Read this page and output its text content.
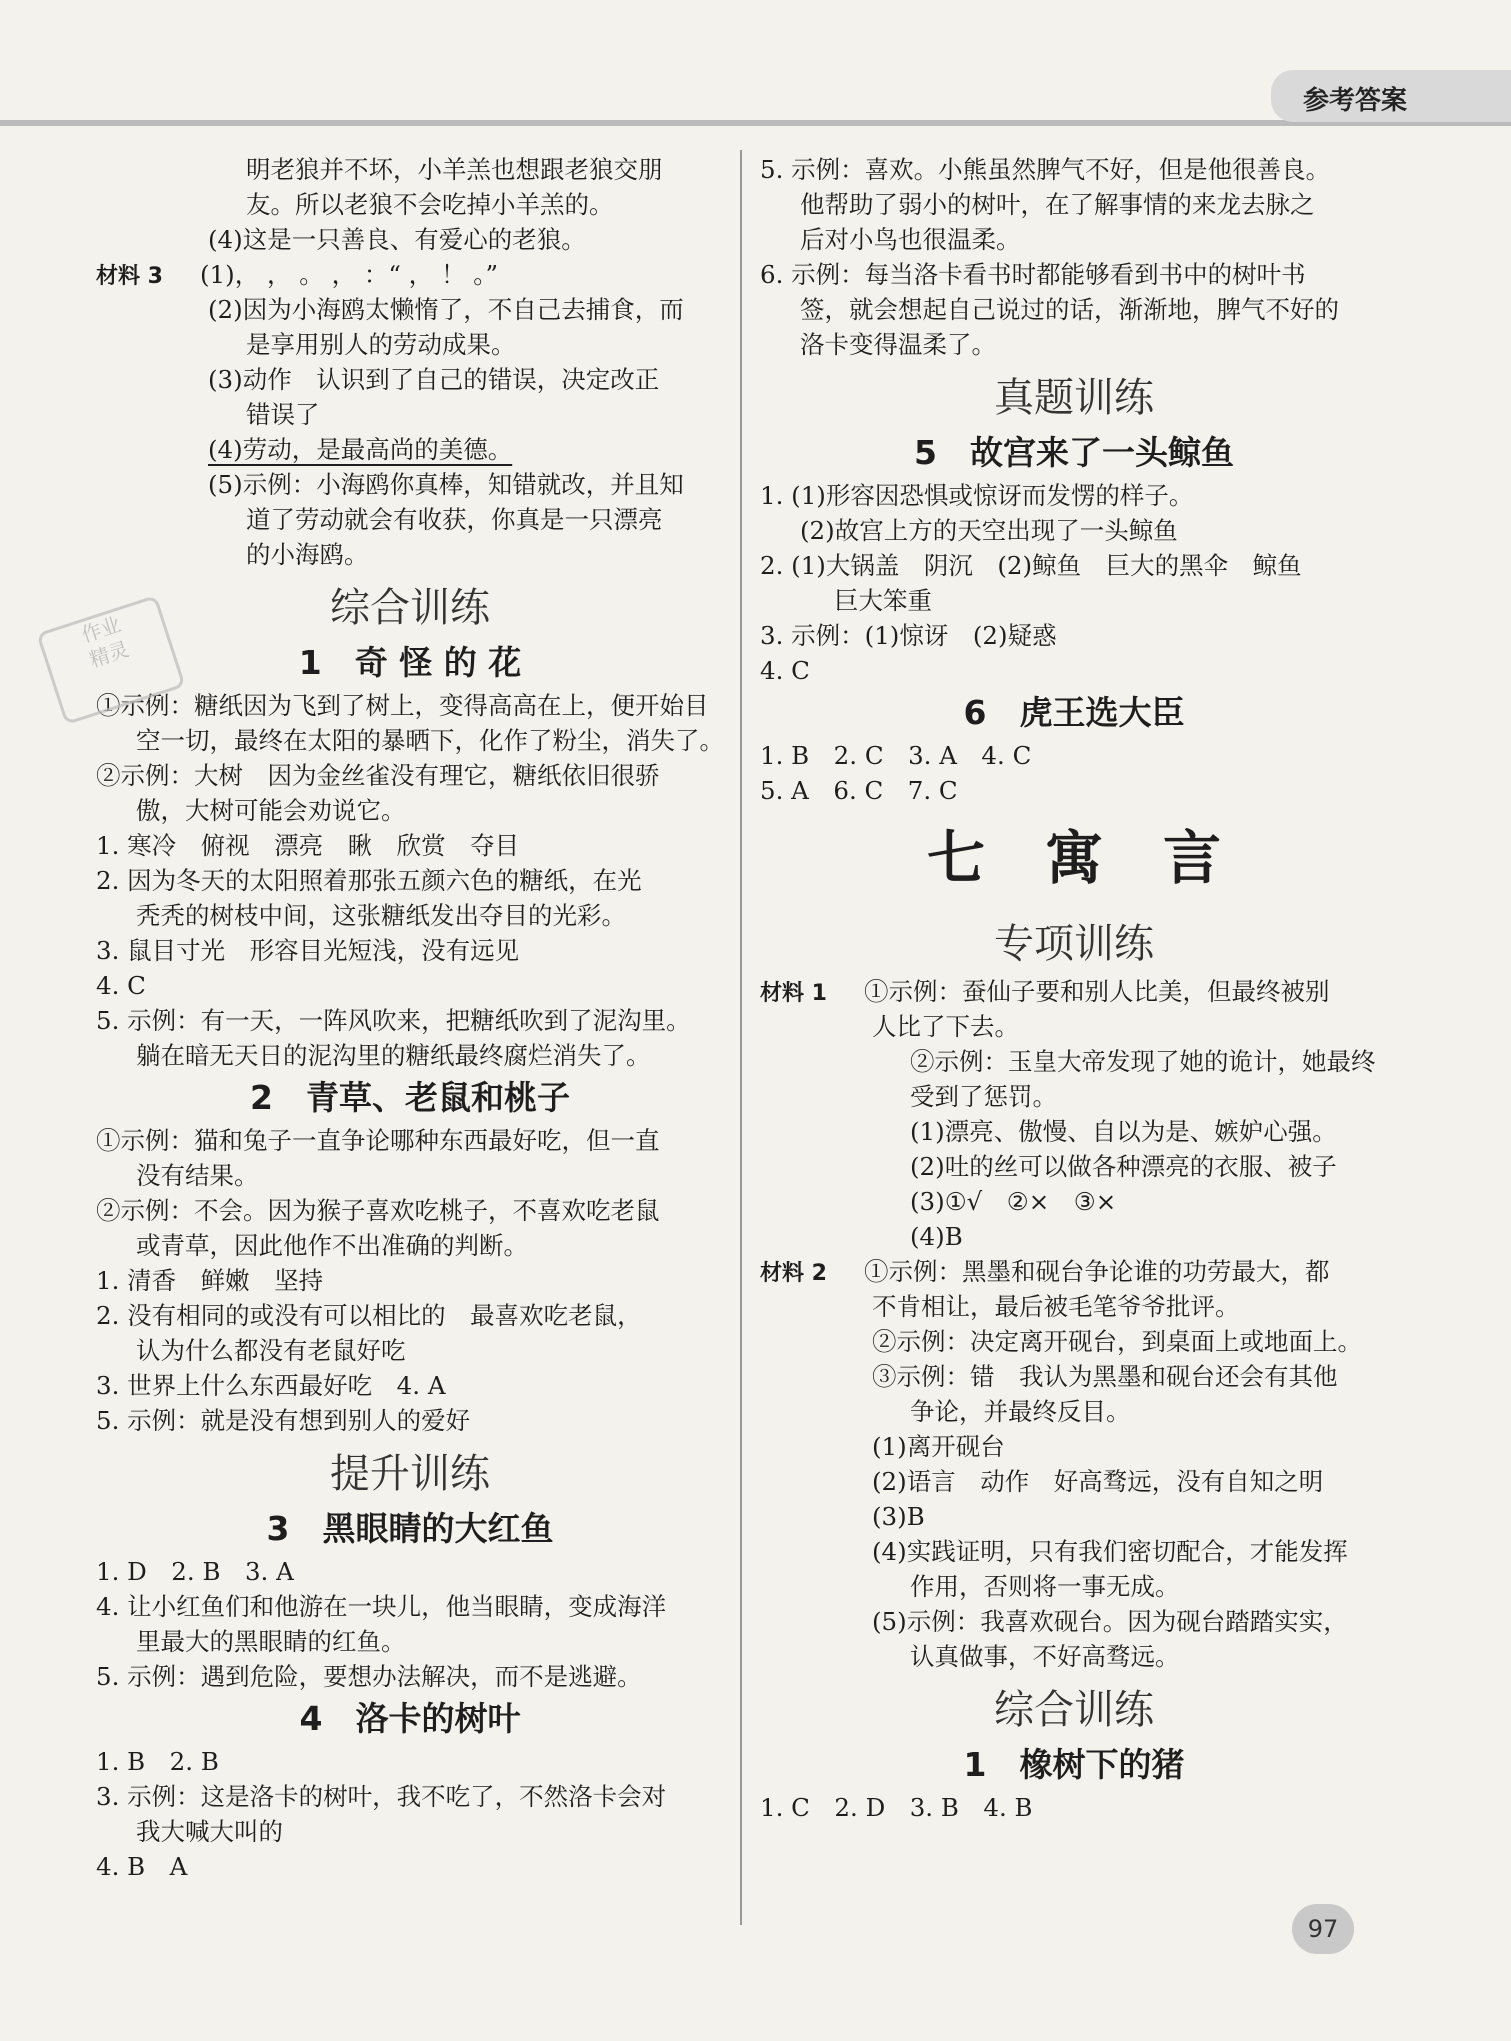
参考答案
明老狼并不坏，小羊羔也想跟老狼交朋
友。所以老狼不会吃掉小羊羔的。
(4)这是一只善良、有爱心的老狼。
材料 3 (1)， ， 。 ， ：“ ， ！ 。”
(2)因为小海鸥太懒惰了，不自己去捕食，而
是享用别人的劳动成果。
(3)动作　认识到了自己的错误，决定改正
错误了
(4)劳动，是最高尚的美德。
(5)示例：小海鸥你真棒，知错就改，并且知
道了劳动就会有收获，你真是一只漂亮
的小海鸥。
综合训练
1　奇 怪 的 花
①示例：糖纸因为飞到了树上，变得高高在上，便开始目
空一切，最终在太阳的暴晒下，化作了粉尘，消失了。
②示例：大树　因为金丝雀没有理它，糖纸依旧很骄
傲，大树可能会劝说它。
1. 寒冷　俯视　漂亮　瞅　欣赏　夺目
2. 因为冬天的太阳照着那张五颜六色的糖纸，在光
秃秃的树枝中间，这张糖纸发出夺目的光彩。
3. 鼠目寸光　形容目光短浅，没有远见
4. C
5. 示例：有一天，一阵风吹来，把糖纸吹到了泥沟里。
躺在暗无天日的泥沟里的糖纸最终腐烂消失了。
2　青草、老鼠和桃子
①示例：猫和兔子一直争论哪种东西最好吃，但一直
没有结果。
②示例：不会。因为猴子喜欢吃桃子，不喜欢吃老鼠
或青草，因此他作不出准确的判断。
1. 清香　鲜嫩　坚持
2. 没有相同的或没有可以相比的　最喜欢吃老鼠，
认为什么都没有老鼠好吃
3. 世界上什么东西最好吃　4. A
5. 示例：就是没有想到别人的爱好
提升训练
3　黑眼睛的大红鱼
1. D　2. B　3. A
4. 让小红鱼们和他游在一块儿，他当眼睛，变成海洋
里最大的黑眼睛的红鱼。
5. 示例：遇到危险，要想办法解决，而不是逃避。
4　洛卡的树叶
1. B　2. B
3. 示例：这是洛卡的树叶，我不吃了，不然洛卡会对
我大喊大叫的
4. B　A
5. 示例：喜欢。小熊虽然脾气不好，但是他很善良。
他帮助了弱小的树叶，在了解事情的来龙去脉之
后对小鸟也很温柔。
6. 示例：每当洛卡看书时都能够看到书中的树叶书
签，就会想起自己说过的话，渐渐地，脾气不好的
洛卡变得温柔了。
真题训练
5　故宫来了一头鲸鱼
1. (1)形容因恐惧或惊讶而发愣的样子。
(2)故宫上方的天空出现了一头鲸鱼
2. (1)大锅盖　阴沉　(2)鲸鱼　巨大的黑伞　鲸鱼
巨大笨重
3. 示例：(1)惊讶　(2)疑惑
4. C
6　虎王选大臣
1. B　2. C　3. A　4. C
5. A　6. C　7. C
七寓言
专项训练
材料 1 ①示例：蚕仙子要和别人比美，但最终被别
人比了下去。
②示例：玉皇大帝发现了她的诡计，她最终
受到了惩罚。
(1)漂亮、傲慢、自以为是、嫉妒心强。
(2)吐的丝可以做各种漂亮的衣服、被子
(3)①√　②×　③×
(4)B
材料 2 ①示例：黑墨和砚台争论谁的功劳最大，都
不肯相让，最后被毛笔爷爷批评。
②示例：决定离开砚台，到桌面上或地面上。
③示例：错　我认为黑墨和砚台还会有其他
争论，并最终反目。
(1)离开砚台
(2)语言　动作　好高骛远，没有自知之明
(3)B
(4)实践证明，只有我们密切配合，才能发挥
作用，否则将一事无成。
(5)示例：我喜欢砚台。因为砚台踏踏实实，
认真做事，不好高骛远。
综合训练
1　橡树下的猪
1. C　2. D　3. B　4. B
作业
精灵
97
